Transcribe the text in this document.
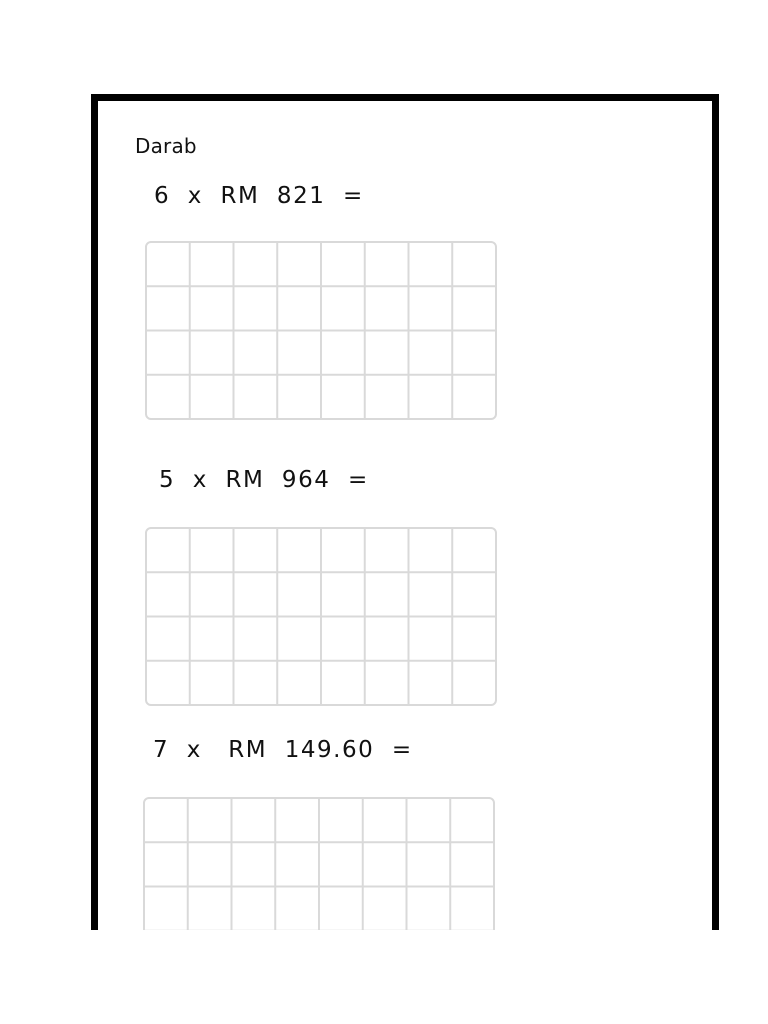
Darab
6  x  RM  821  =
5  x  RM  964  =
7  x   RM  149.60  =
